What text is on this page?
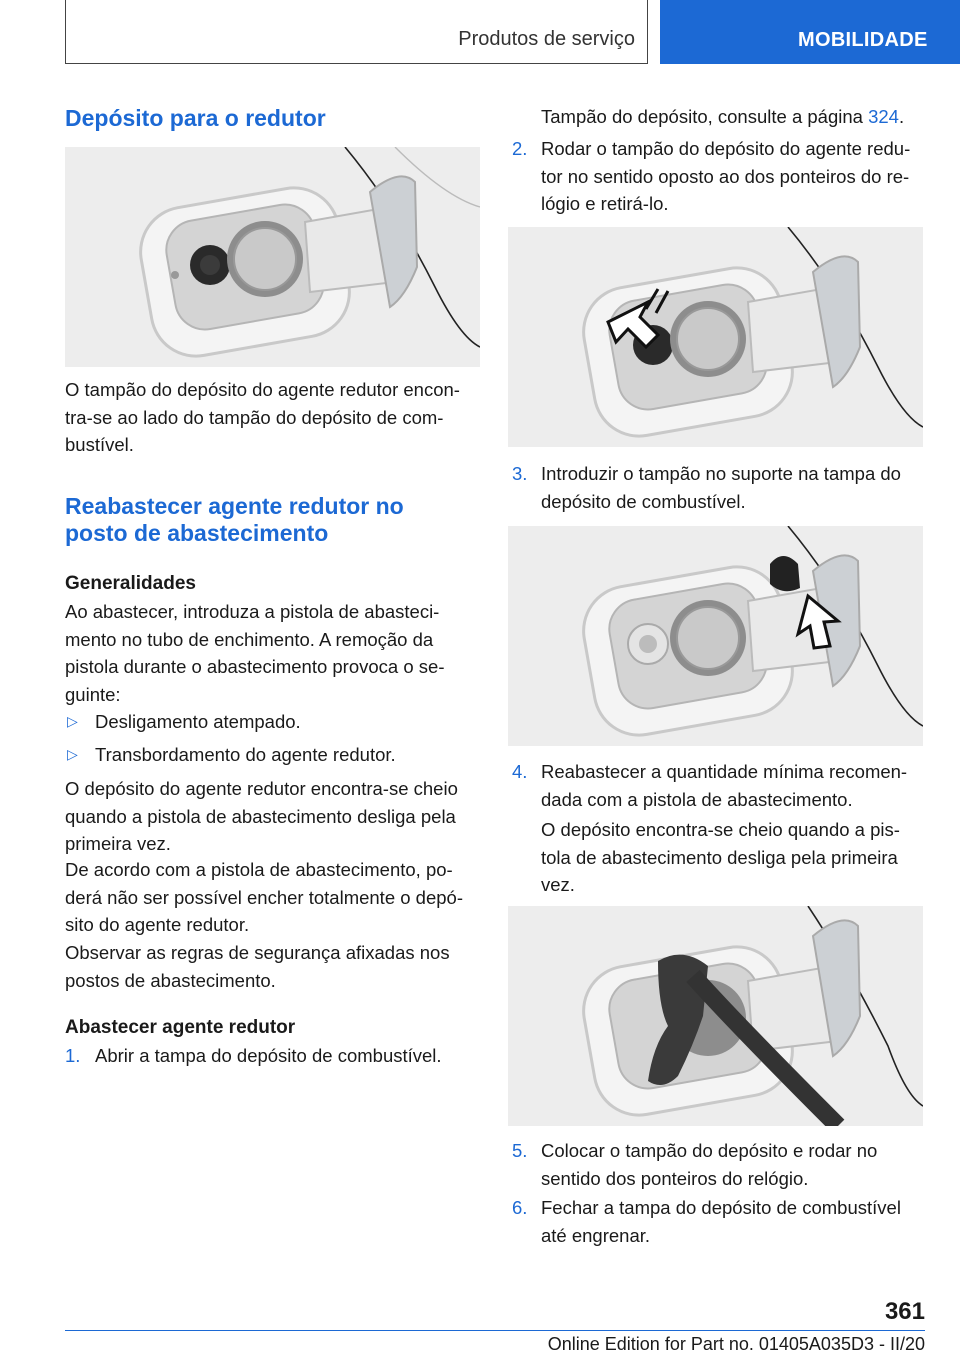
Produtos de serviço	MOBILIDADE
Depósito para o redutor

O tampão do depósito do agente redutor encon-tra-se ao lado do tampão do depósito de com-bustível.

Reabastecer agente redutor no
posto de abastecimento
Generalidades

Ao abastecer, introduza a pistola de abasteci-mento no tubo de enchimento. A remoção da pistola durante o abastecimento provoca o se-guinte:

▷ Desligamento atempado.

▷ Transbordamento do agente redutor.

O depósito do agente redutor encontra-se cheio quando a pistola de abastecimento desliga pela primeira vez.

De acordo com a pistola de abastecimento, po-derá não ser possível encher totalmente o depó-sito do agente redutor.

Observar as regras de segurança afixadas nos postos de abastecimento.

Abastecer agente redutor
1. Abrir a tampa do depósito de combustível.

Tampão do depósito, consulte a página 324.

2. Rodar o tampão do depósito do agente redu-tor no sentido oposto ao dos ponteiros do re-lógio e retirá-lo.

3. Introduzir o tampão no suporte na tampa do depósito de combustível.

4. Reabastecer a quantidade mínima recomen-dada com a pistola de abastecimento.

O depósito encontra-se cheio quando a pis-tola de abastecimento desliga pela primeira vez.

5. Colocar o tampão do depósito e rodar no sentido dos ponteiros do relógio.

6. Fechar a tampa do depósito de combustível até engrenar.

361
Online Edition for Part no. 01405A035D3 - II/20
